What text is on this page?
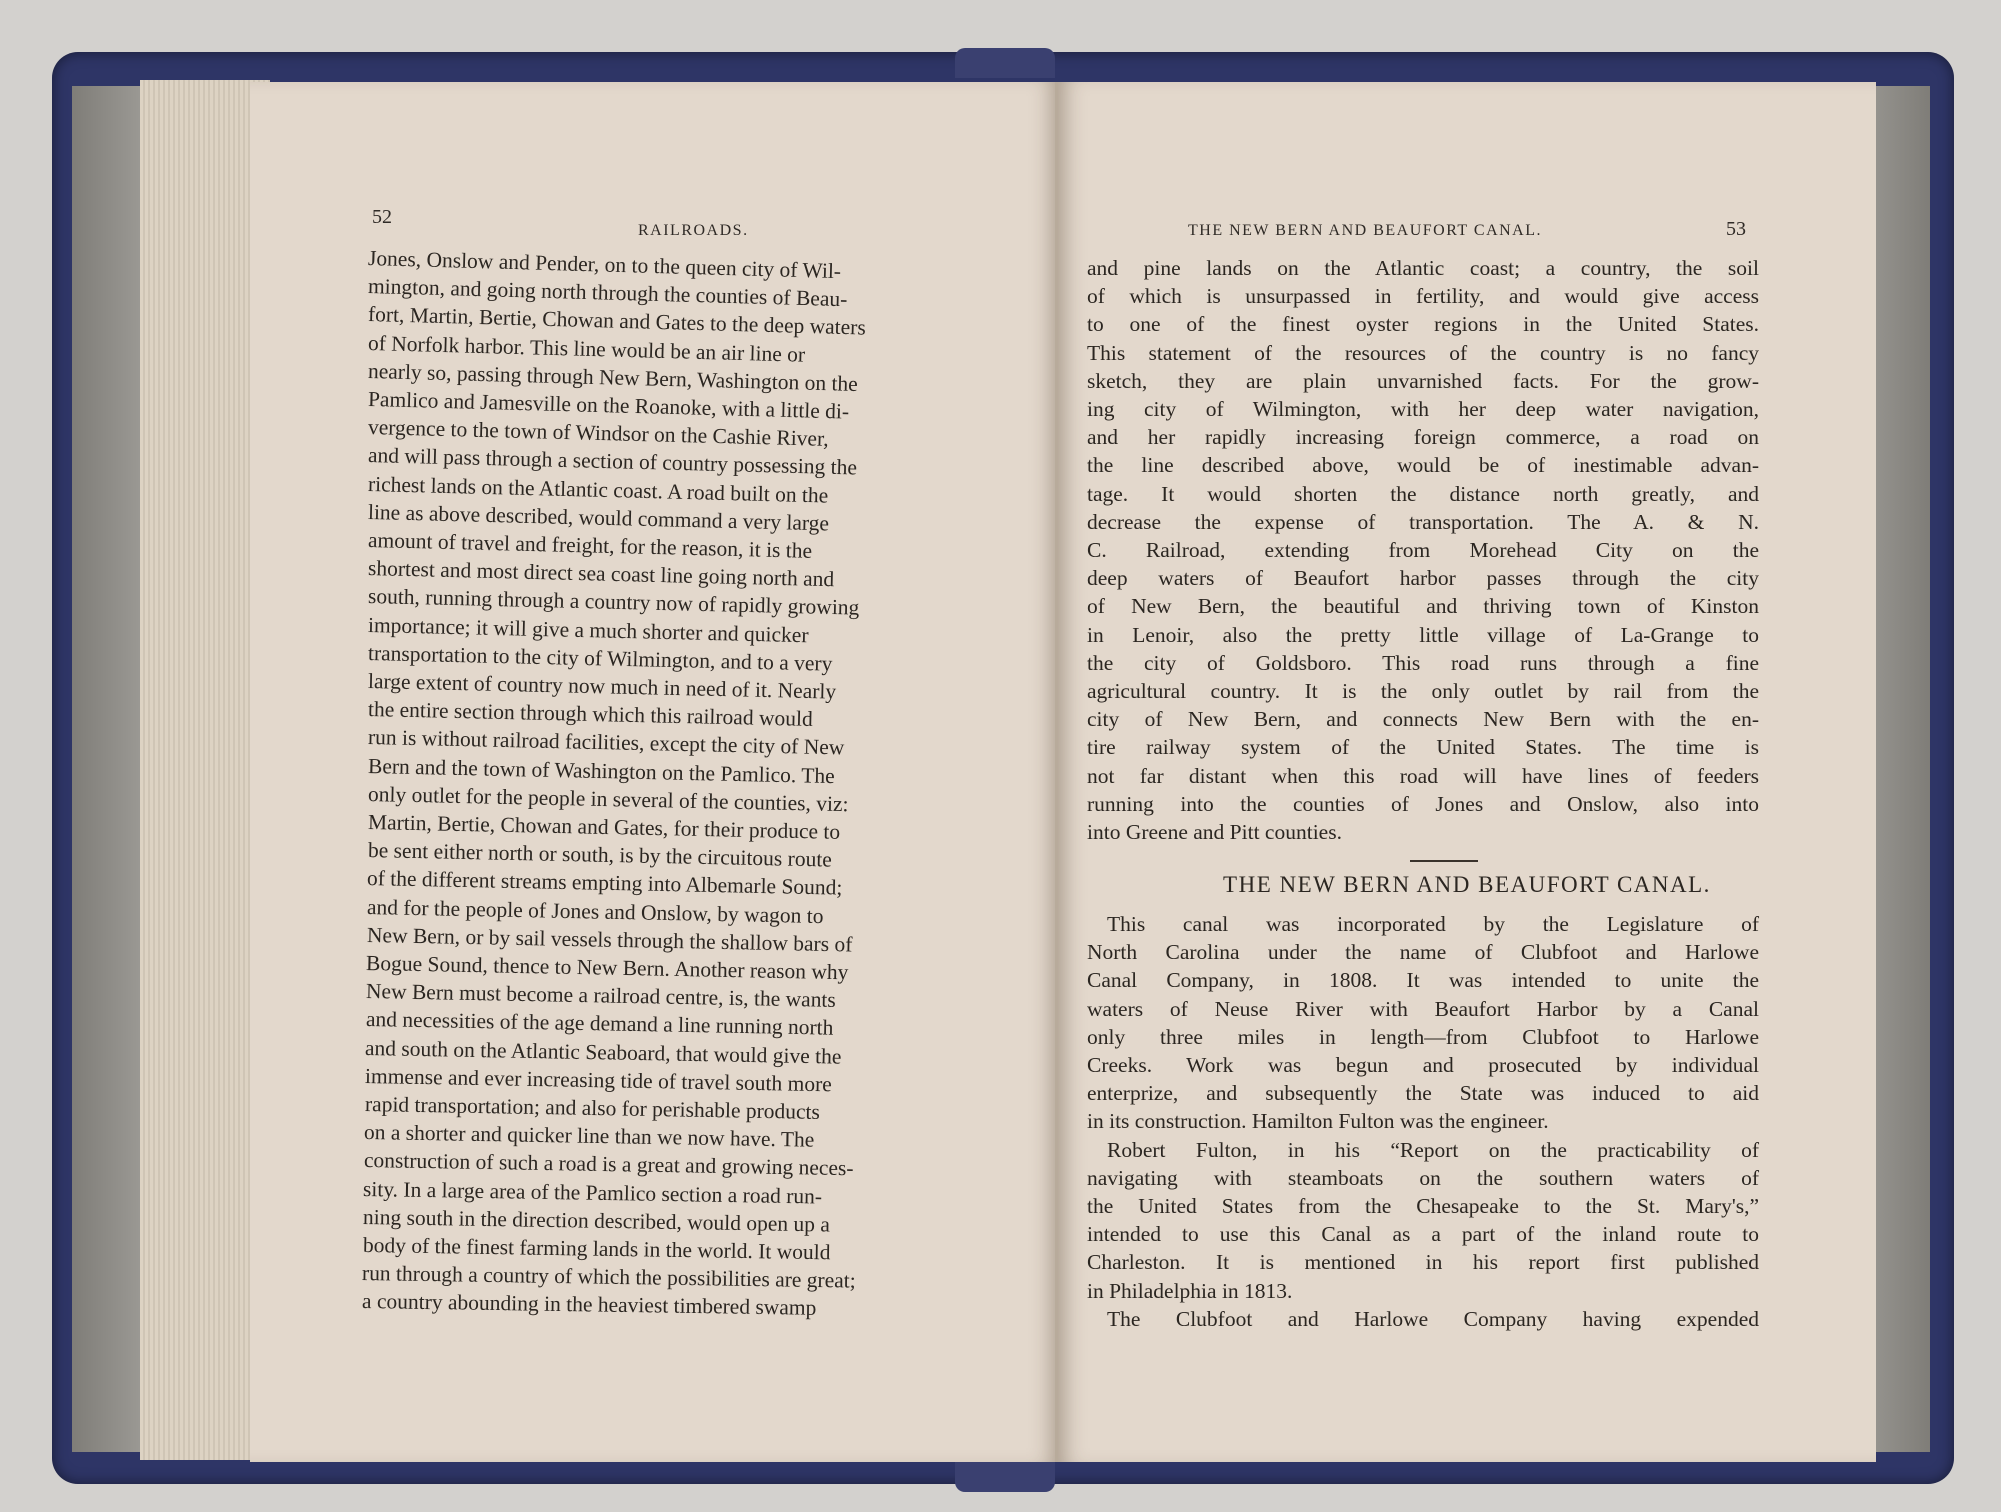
52
RAILROADS.
Jones, Onslow and Pender, on to the queen city of Wil-
mington, and going north through the counties of Beau-
fort, Martin, Bertie, Chowan and Gates to the deep waters
of Norfolk harbor. This line would be an air line or
nearly so, passing through New Bern, Washington on the
Pamlico and Jamesville on the Roanoke, with a little di-
vergence to the town of Windsor on the Cashie River,
and will pass through a section of country possessing the
richest lands on the Atlantic coast. A road built on the
line as above described, would command a very large
amount of travel and freight, for the reason, it is the
shortest and most direct sea coast line going north and
south, running through a country now of rapidly growing
importance; it will give a much shorter and quicker
transportation to the city of Wilmington, and to a very
large extent of country now much in need of it. Nearly
the entire section through which this railroad would
run is without railroad facilities, except the city of New
Bern and the town of Washington on the Pamlico. The
only outlet for the people in several of the counties, viz:
Martin, Bertie, Chowan and Gates, for their produce to
be sent either north or south, is by the circuitous route
of the different streams empting into Albemarle Sound;
and for the people of Jones and Onslow, by wagon to
New Bern, or by sail vessels through the shallow bars of
Bogue Sound, thence to New Bern. Another reason why
New Bern must become a railroad centre, is, the wants
and necessities of the age demand a line running north
and south on the Atlantic Seaboard, that would give the
immense and ever increasing tide of travel south more
rapid transportation; and also for perishable products
on a shorter and quicker line than we now have. The
construction of such a road is a great and growing neces-
sity. In a large area of the Pamlico section a road run-
ning south in the direction described, would open up a
body of the finest farming lands in the world. It would
run through a country of which the possibilities are great;
a country abounding in the heaviest timbered swamp
THE NEW BERN AND BEAUFORT CANAL.	53
and pine lands on the Atlantic coast; a country, the soil
of which is unsurpassed in fertility, and would give access
to one of the finest oyster regions in the United States.
This statement of the resources of the country is no fancy
sketch, they are plain unvarnished facts. For the grow-
ing city of Wilmington, with her deep water navigation,
and her rapidly increasing foreign commerce, a road on
the line described above, would be of inestimable advan-
tage. It would shorten the distance north greatly, and
decrease the expense of transportation. The A. & N.
C. Railroad, extending from Morehead City on the
deep waters of Beaufort harbor passes through the city
of New Bern, the beautiful and thriving town of Kinston
in Lenoir, also the pretty little village of La-Grange to
the city of Goldsboro. This road runs through a fine
agricultural country. It is the only outlet by rail from the
city of New Bern, and connects New Bern with the en-
tire railway system of the United States. The time is
not far distant when this road will have lines of feeders
running into the counties of Jones and Onslow, also into
into Greene and Pitt counties.
THE NEW BERN AND BEAUFORT CANAL.
This canal was incorporated by the Legislature of
North Carolina under the name of Clubfoot and Harlowe
Canal Company, in 1808. It was intended to unite the
waters of Neuse River with Beaufort Harbor by a Canal
only three miles in length—from Clubfoot to Harlowe
Creeks. Work was begun and prosecuted by individual
enterprize, and subsequently the State was induced to aid
in its construction. Hamilton Fulton was the engineer.
Robert Fulton, in his “Report on the practicability of
navigating with steamboats on the southern waters of
the United States from the Chesapeake to the St. Mary's,”
intended to use this Canal as a part of the inland route to
Charleston. It is mentioned in his report first published
in Philadelphia in 1813.
The Clubfoot and Harlowe Company having expended
